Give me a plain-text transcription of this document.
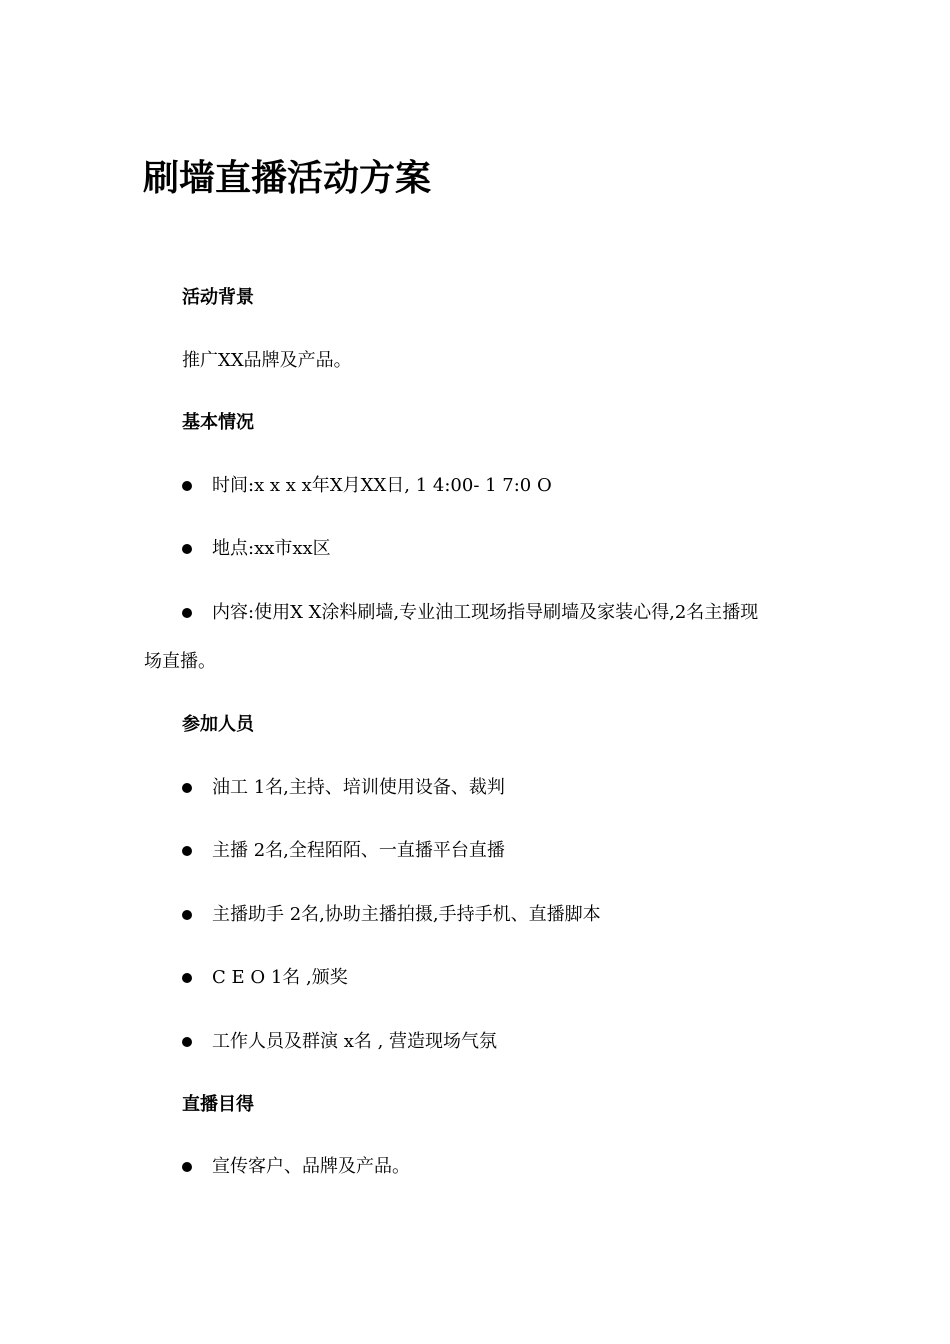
刷墙直播活动方案
活动背景
推广XX品牌及产品。
基本情况
时间:x x x x年X月XX日, 1 4:00- 1 7:0 O
地点:xx市xx区
内容:使用X X涂料刷墙,专业油工现场指导刷墙及家装心得,2名主播现
场直播。
参加人员
油工 1名,主持、培训使用设备、裁判
主播 2名,全程陌陌、一直播平台直播
主播助手 2名,协助主播拍摄,手持手机、直播脚本
C E O 1名 ,颁奖
工作人员及群演 x名 , 营造现场气氛
直播目得
宣传客户、品牌及产品。
